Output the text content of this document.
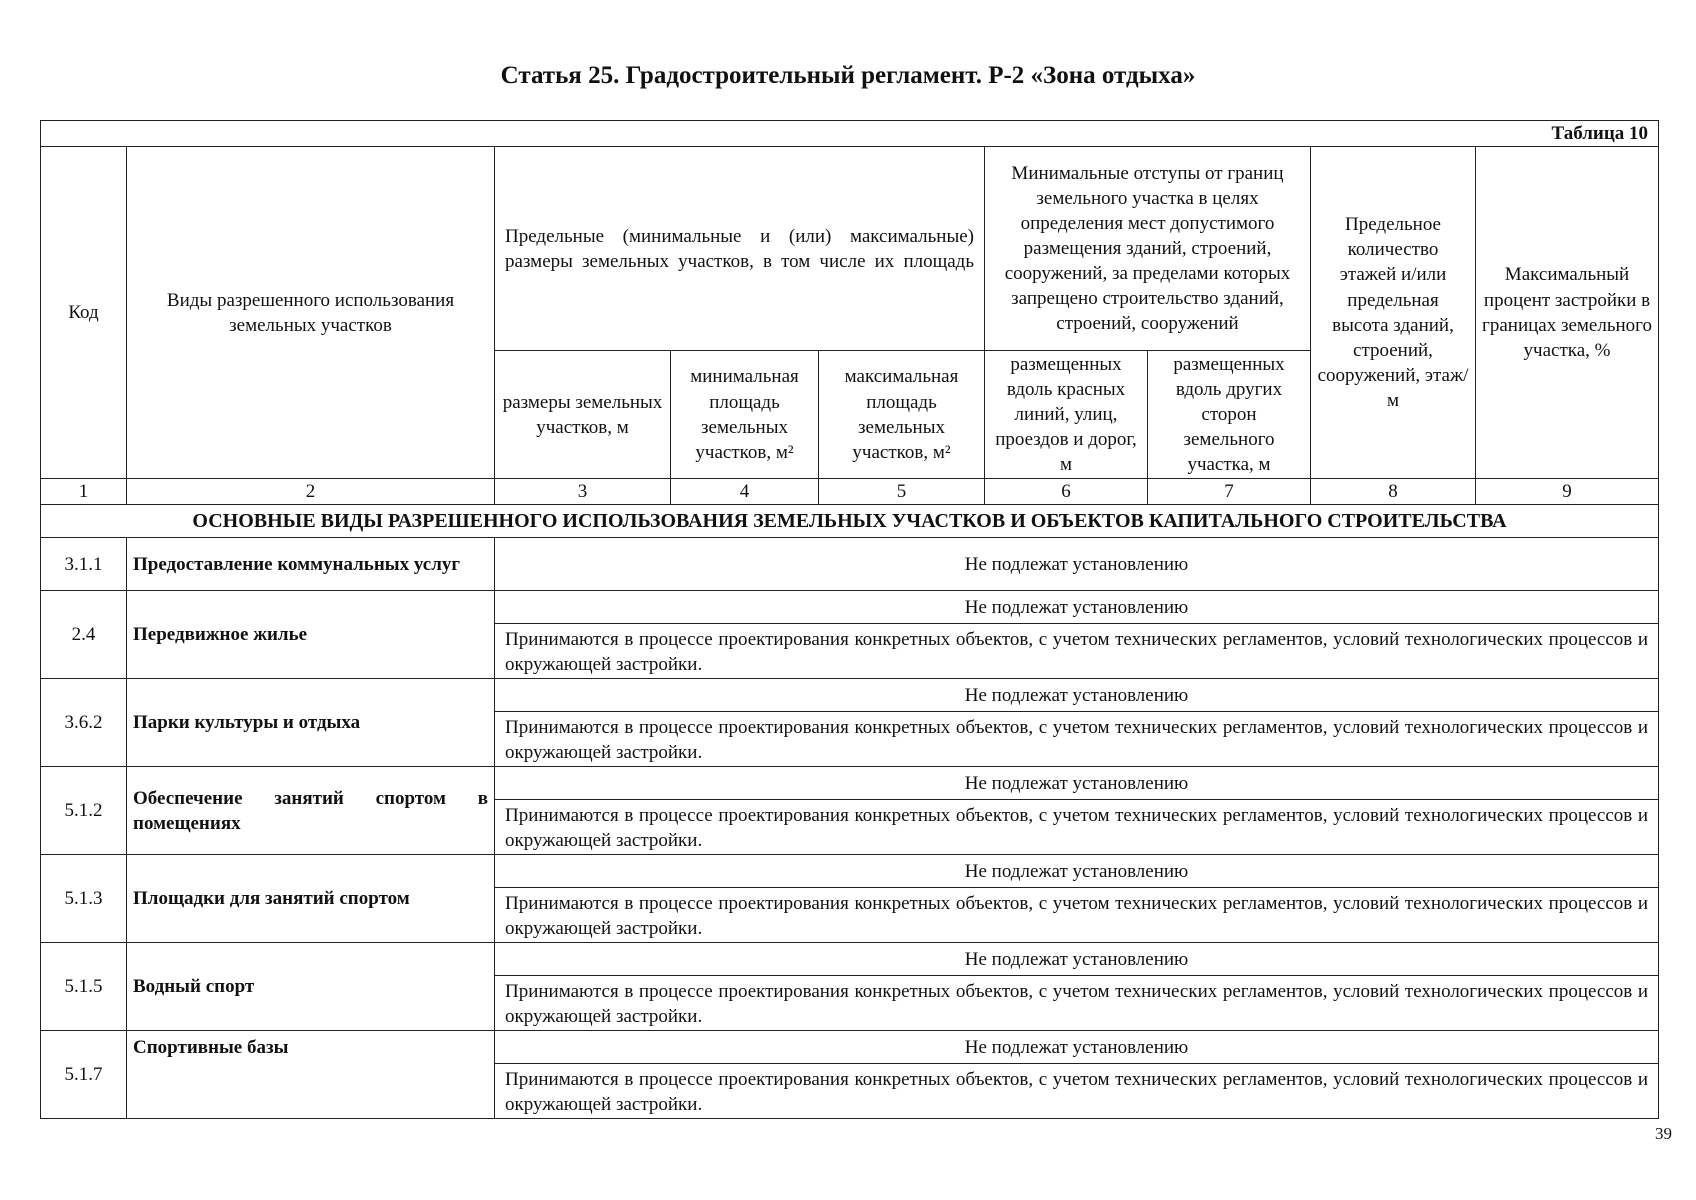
Статья 25. Градостроительный регламент. Р-2 «Зона отдыха»
Таблица 10								
Код	Виды разрешенного использования земельных участков	Предельные (минимальные и (или) максимальные) размеры земельных участков, в том числе их площадь			Минимальные отступы от границ земельного участка в целях определения мест допустимого размещения зданий, строений, сооружений, за пределами которых запрещено строительство зданий, строений, сооружений		Предельное количество этажей и/или предельная высота зданий, строений, сооружений, этаж/м	Максимальный процент застройки в границах земельного участка, %
		размеры земельных участков, м	минимальная площадь земельных участков, м²	максимальная площадь земельных участков, м²	размещенных вдоль красных линий, улиц, проездов и дорог, м	размещенных вдоль других сторон земельного участка, м		
1	2	3	4	5	6	7	8	9
ОСНОВНЫЕ ВИДЫ РАЗРЕШЕННОГО ИСПОЛЬЗОВАНИЯ ЗЕМЕЛЬНЫХ УЧАСТКОВ И ОБЪЕКТОВ КАПИТАЛЬНОГО СТРОИТЕЛЬСТВА								
3.1.1	Предоставление коммунальных услуг	Не подлежат установлению						
2.4	Передвижное жилье	Не подлежат установлению						
		Принимаются в процессе проектирования конкретных объектов, с учетом технических регламентов, условий технологических процессов и окружающей застройки.						
3.6.2	Парки культуры и отдыха	Не подлежат установлению						
		Принимаются в процессе проектирования конкретных объектов, с учетом технических регламентов, условий технологических процессов и окружающей застройки.						
5.1.2	Обеспечение занятий спортом в помещениях	Не подлежат установлению						
		Принимаются в процессе проектирования конкретных объектов, с учетом технических регламентов, условий технологических процессов и окружающей застройки.						
5.1.3	Площадки для занятий спортом	Не подлежат установлению						
		Принимаются в процессе проектирования конкретных объектов, с учетом технических регламентов, условий технологических процессов и окружающей застройки.						
5.1.5	Водный спорт	Не подлежат установлению						
		Принимаются в процессе проектирования конкретных объектов, с учетом технических регламентов, условий технологических процессов и окружающей застройки.						
5.1.7	Спортивные базы	Не подлежат установлению						
		Принимаются в процессе проектирования конкретных объектов, с учетом технических регламентов, условий технологических процессов и окружающей застройки.						
39
